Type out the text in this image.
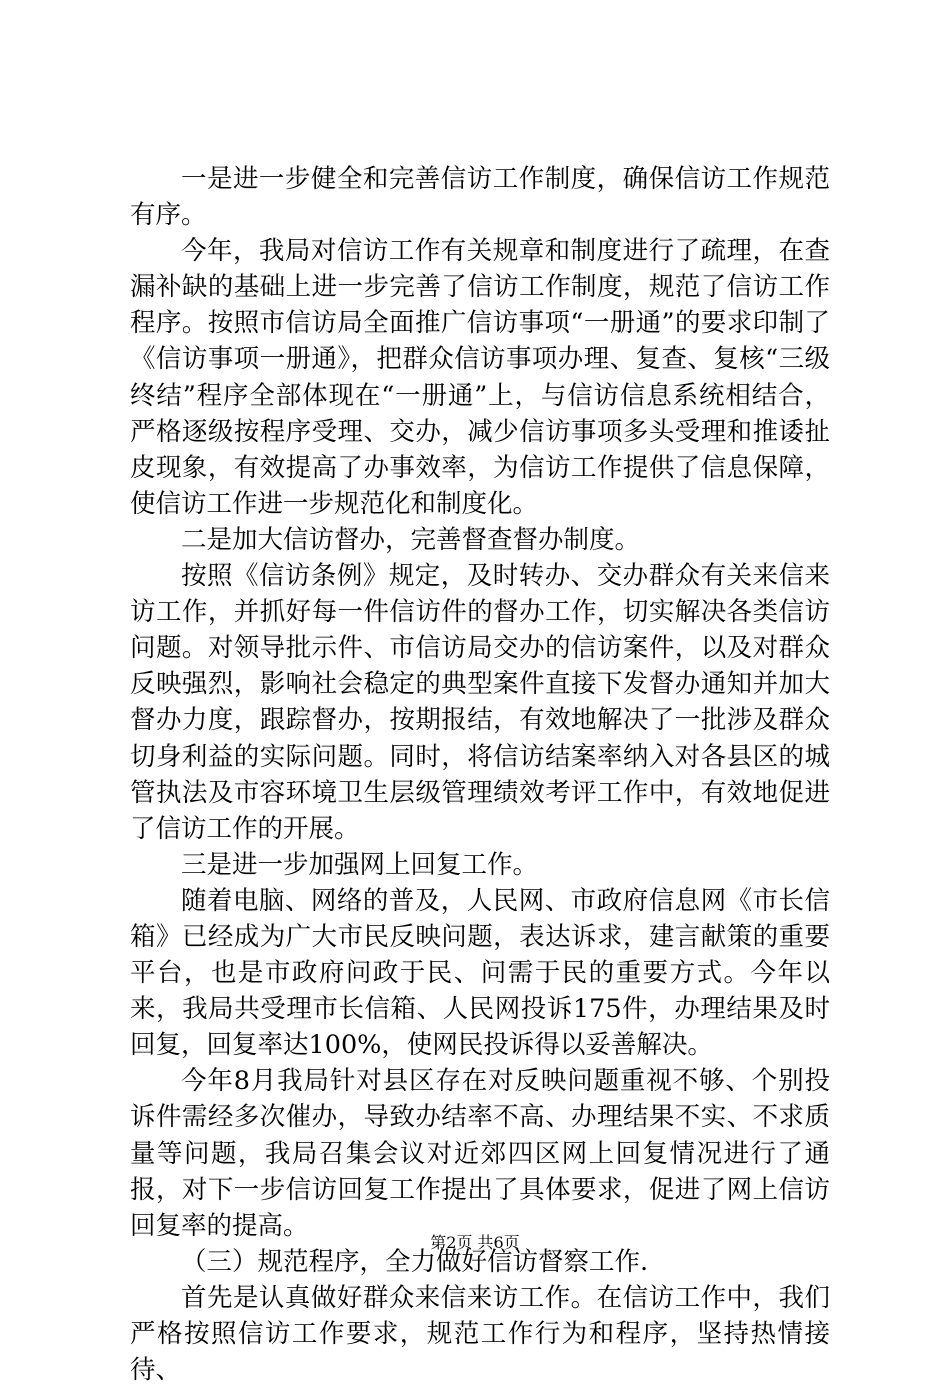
一是进一步健全和完善信访工作制度，确保信访工作规范有序。

今年，我局对信访工作有关规章和制度进行了疏理，在查漏补缺的基础上进一步完善了信访工作制度，规范了信访工作程序。按照市信访局全面推广信访事项“一册通”的要求印制了《信访事项一册通》，把群众信访事项办理、复查、复核“三级终结”程序全部体现在“一册通”上，与信访信息系统相结合，严格逐级按程序受理、交办，减少信访事项多头受理和推诿扯皮现象，有效提高了办事效率，为信访工作提供了信息保障，使信访工作进一步规范化和制度化。

二是加大信访督办，完善督查督办制度。

按照《信访条例》规定，及时转办、交办群众有关来信来访工作，并抓好每一件信访件的督办工作，切实解决各类信访问题。对领导批示件、市信访局交办的信访案件，以及对群众反映强烈，影响社会稳定的典型案件直接下发督办通知并加大督办力度，跟踪督办，按期报结，有效地解决了一批涉及群众切身利益的实际问题。同时，将信访结案率纳入对各县区的城管执法及市容环境卫生层级管理绩效考评工作中，有效地促进了信访工作的开展。

三是进一步加强网上回复工作。

随着电脑、网络的普及，人民网、市政府信息网《市长信箱》已经成为广大市民反映问题，表达诉求，建言献策的重要平台，也是市政府问政于民、问需于民的重要方式。今年以来，我局共受理市长信箱、人民网投诉175件，办理结果及时回复，回复率达100%，使网民投诉得以妥善解决。

今年8月我局针对县区存在对反映问题重视不够、个别投诉件需经多次催办，导致办结率不高、办理结果不实、不求质量等问题，我局召集会议对近郊四区网上回复情况进行了通报，对下一步信访回复工作提出了具体要求，促进了网上信访回复率的提高。

（三）规范程序，全力做好信访督察工作.

首先是认真做好群众来信来访工作。在信访工作中，我们严格按照信访工作要求，规范工作行为和程序，坚持热情接待、

第2页 共6页
